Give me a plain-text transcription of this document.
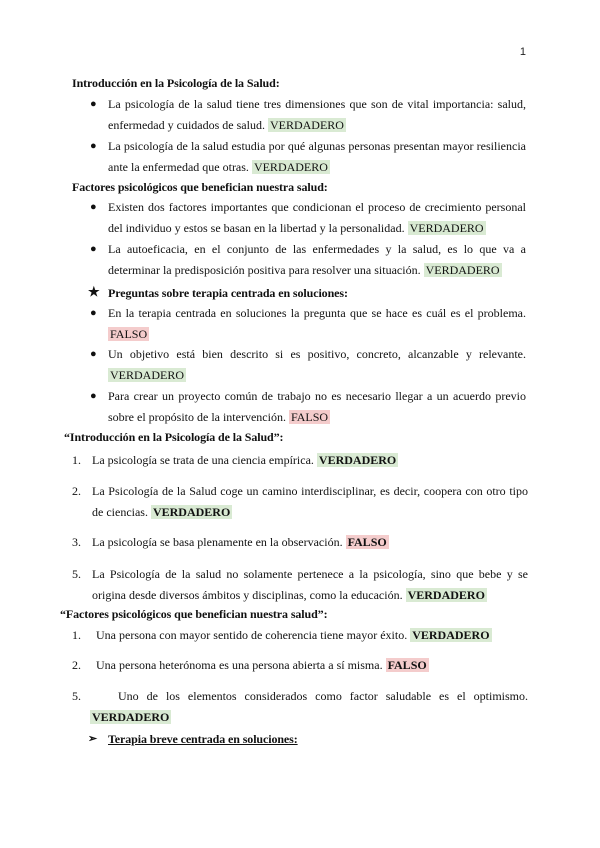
1
Introducción en la Psicología de la Salud:
● La psicología de la salud tiene tres dimensiones que son de vital importancia: salud, enfermedad y cuidados de salud. VERDADERO
● La psicología de la salud estudia por qué algunas personas presentan mayor resiliencia ante la enfermedad que otras. VERDADERO
Factores psicológicos que benefician nuestra salud:
● Existen dos factores importantes que condicionan el proceso de crecimiento personal del individuo y estos se basan en la libertad y la personalidad. VERDADERO
● La autoeficacia, en el conjunto de las enfermedades y la salud, es lo que va a determinar la predisposición positiva para resolver una situación. VERDADERO
★ Preguntas sobre terapia centrada en soluciones:
● En la terapia centrada en soluciones la pregunta que se hace es cuál es el problema. FALSO
● Un objetivo está bien descrito si es positivo, concreto, alcanzable y relevante. VERDADERO
● Para crear un proyecto común de trabajo no es necesario llegar a un acuerdo previo sobre el propósito de la intervención. FALSO
“Introducción en la Psicología de la Salud”:
1. La psicología se trata de una ciencia empírica. VERDADERO
2. La Psicología de la Salud coge un camino interdisciplinar, es decir, coopera con otro tipo de ciencias. VERDADERO
3. La psicología se basa plenamente en la observación. FALSO
5. La Psicología de la salud no solamente pertenece a la psicología, sino que bebe y se origina desde diversos ámbitos y disciplinas, como la educación. VERDADERO
“Factores psicológicos que benefician nuestra salud”:
1. Una persona con mayor sentido de coherencia tiene mayor éxito. VERDADERO
2. Una persona heterónoma es una persona abierta a sí misma. FALSO
5.	Uno de los elementos considerados como factor saludable es el optimismo. VERDADERO
➢ Terapia breve centrada en soluciones:
